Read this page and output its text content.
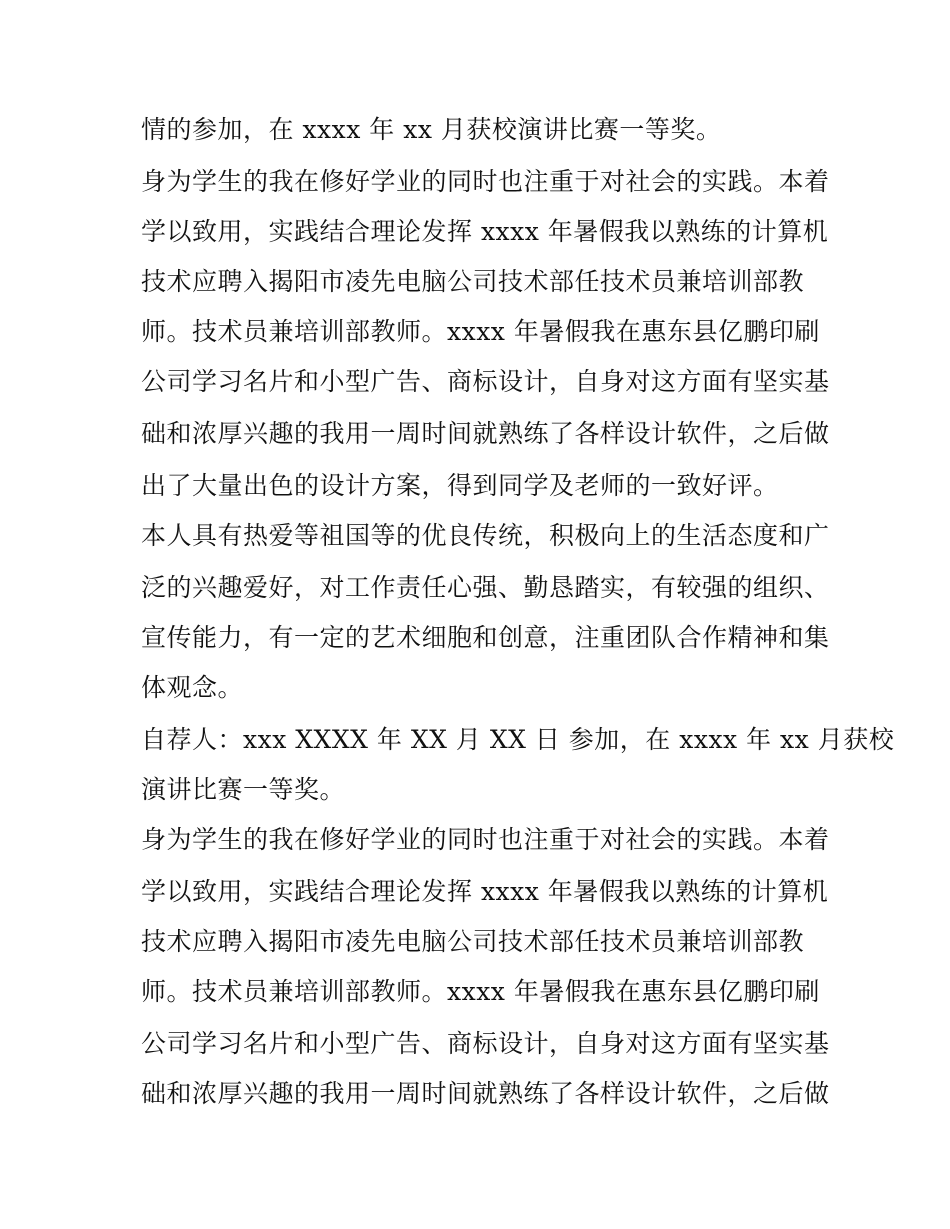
情的参加，在 xxxx 年 xx 月获校演讲比赛一等奖。
身为学生的我在修好学业的同时也注重于对社会的实践。本着
学以致用，实践结合理论发挥 xxxx 年暑假我以熟练的计算机
技术应聘入揭阳市凌先电脑公司技术部任技术员兼培训部教
师。技术员兼培训部教师。xxxx 年暑假我在惠东县亿鹏印刷
公司学习名片和小型广告、商标设计，自身对这方面有坚实基
础和浓厚兴趣的我用一周时间就熟练了各样设计软件，之后做
出了大量出色的设计方案，得到同学及老师的一致好评。
本人具有热爱等祖国等的优良传统，积极向上的生活态度和广
泛的兴趣爱好，对工作责任心强、勤恳踏实，有较强的组织、
宣传能力，有一定的艺术细胞和创意，注重团队合作精神和集
体观念。
自荐人：xxx XXXX 年 XX 月 XX 日 参加，在 xxxx 年 xx 月获校
演讲比赛一等奖。
身为学生的我在修好学业的同时也注重于对社会的实践。本着
学以致用，实践结合理论发挥 xxxx 年暑假我以熟练的计算机
技术应聘入揭阳市凌先电脑公司技术部任技术员兼培训部教
师。技术员兼培训部教师。xxxx 年暑假我在惠东县亿鹏印刷
公司学习名片和小型广告、商标设计，自身对这方面有坚实基
础和浓厚兴趣的我用一周时间就熟练了各样设计软件，之后做
